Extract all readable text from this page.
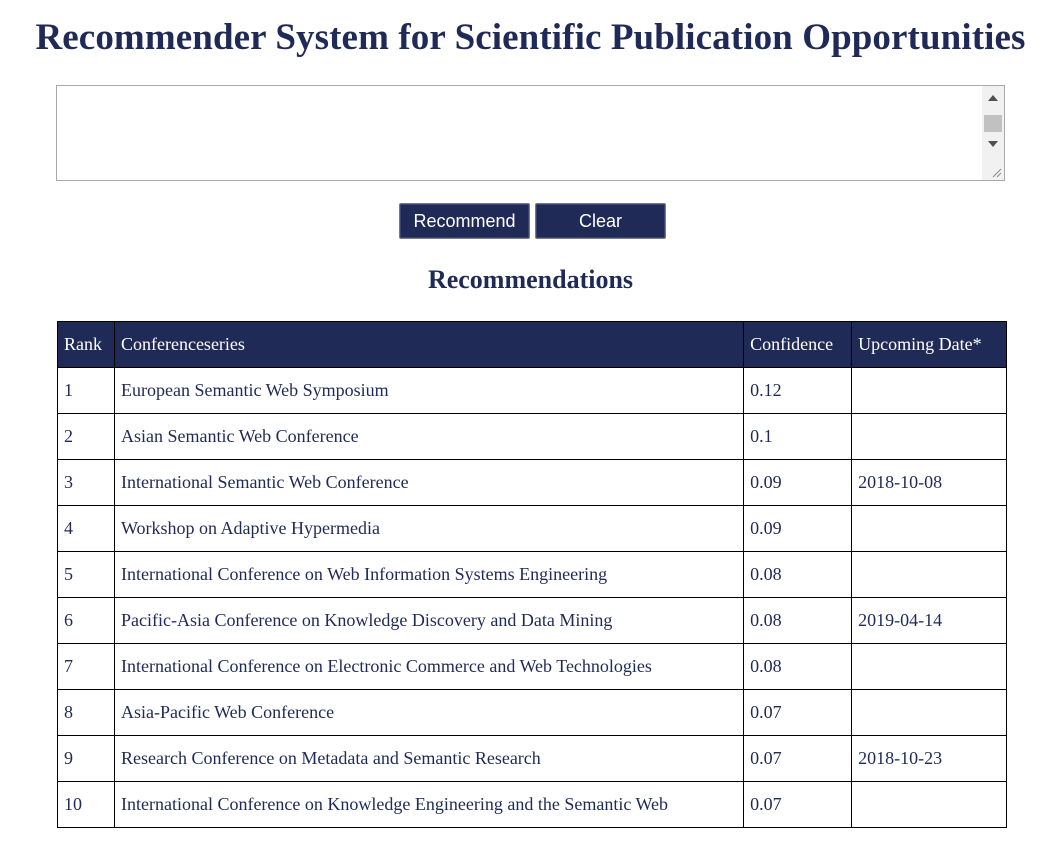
Recommender System for Scientific Publication Opportunities

Recommend	Clear
Recommendations
Rank	Conferenceseries	Confidence	Upcoming Date*
1	European Semantic Web Symposium	0.12	
2	Asian Semantic Web Conference	0.1	
3	International Semantic Web Conference	0.09	2018-10-08
4	Workshop on Adaptive Hypermedia	0.09	
5	International Conference on Web Information Systems Engineering	0.08	
6	Pacific-Asia Conference on Knowledge Discovery and Data Mining	0.08	2019-04-14
7	International Conference on Electronic Commerce and Web Technologies	0.08	
8	Asia-Pacific Web Conference	0.07	
9	Research Conference on Metadata and Semantic Research	0.07	2018-10-23
10	International Conference on Knowledge Engineering and the Semantic Web	0.07	
